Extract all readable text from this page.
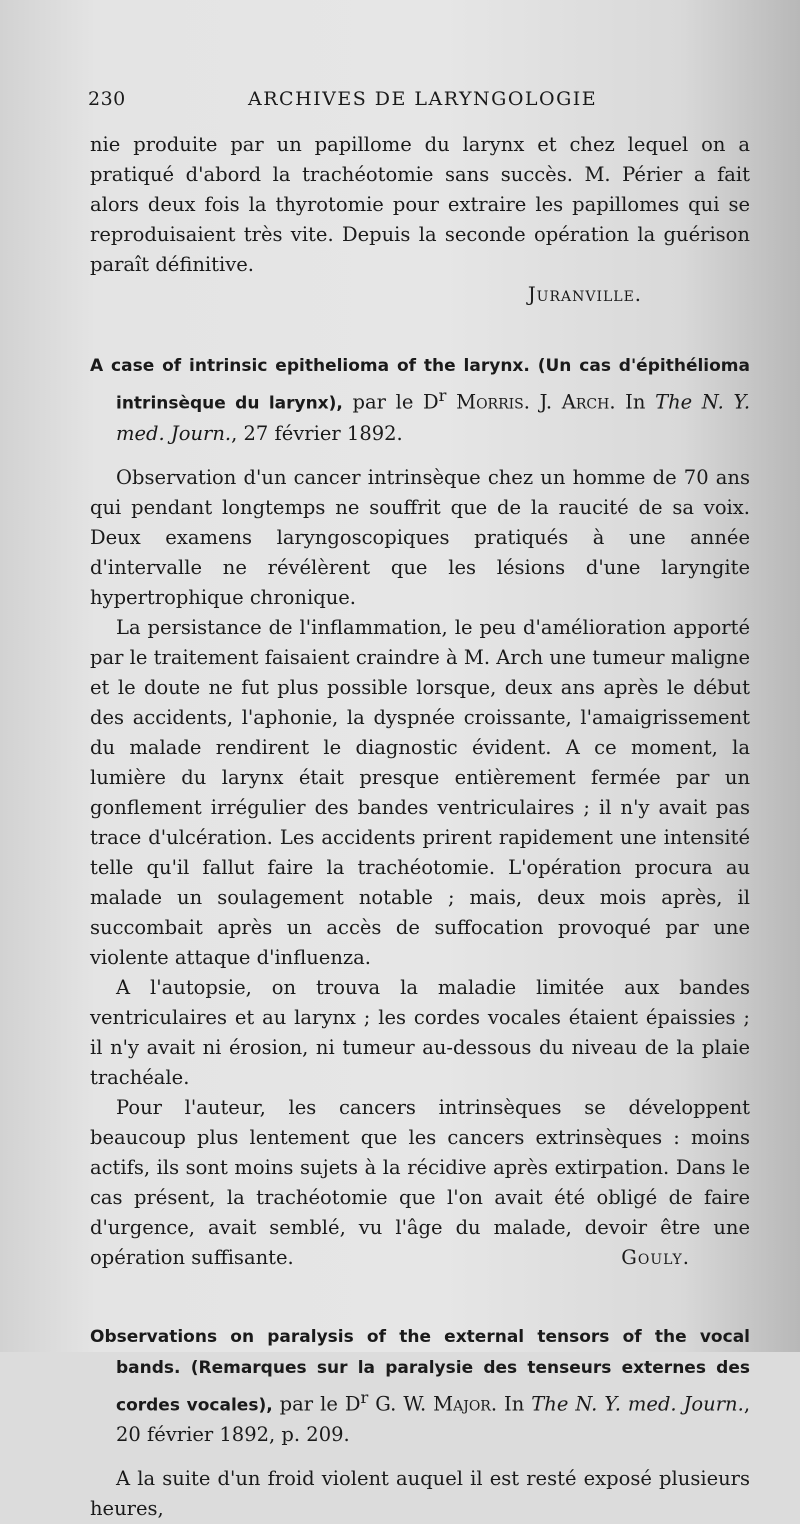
230	ARCHIVES DE LARYNGOLOGIE

nie produite par un papillome du larynx et chez lequel on a pratiqué d'abord la trachéotomie sans succès. M. Périer a fait alors deux fois la thyrotomie pour extraire les papillomes qui se reproduisaient très vite. Depuis la seconde opération la guérison paraît définitive.

Juranville.

A case of intrinsic epithelioma of the larynx. (Un cas d'épithélioma intrinsèque du larynx), par le $D^r$ Morris. J. Arch. In The N. Y. med. Journ., 27 février 1892.

Observation d'un cancer intrinsèque chez un homme de 70 ans qui pendant longtemps ne souffrit que de la raucité de sa voix. Deux examens laryngoscopiques pratiqués à une année d'intervalle ne révélèrent que les lésions d'une laryngite hypertrophique chronique.

La persistance de l'inflammation, le peu d'amélioration apporté par le traitement faisaient craindre à M. Arch une tumeur maligne et le doute ne fut plus possible lorsque, deux ans après le début des accidents, l'aphonie, la dyspnée croissante, l'amaigrissement du malade rendirent le diagnostic évident. A ce moment, la lumière du larynx était presque entièrement fermée par un gonflement irrégulier des bandes ventriculaires ; il n'y avait pas trace d'ulcération. Les accidents prirent rapidement une intensité telle qu'il fallut faire la trachéotomie. L'opération procura au malade un soulagement notable ; mais, deux mois après, il succombait après un accès de suffocation provoqué par une violente attaque d'influenza.

A l'autopsie, on trouva la maladie limitée aux bandes ventriculaires et au larynx ; les cordes vocales étaient épaissies ; il n'y avait ni érosion, ni tumeur au-dessous du niveau de la plaie trachéale.

Pour l'auteur, les cancers intrinsèques se développent beaucoup plus lentement que les cancers extrinsèques : moins actifs, ils sont moins sujets à la récidive après extirpation. Dans le cas présent, la trachéotomie que l'on avait été obligé de faire d'urgence, avait semblé, vu l'âge du malade, devoir être une opération suffisante.	Gouly.

Observations on paralysis of the external tensors of the vocal bands. (Remarques sur la paralysie des tenseurs externes des cordes vocales), par le $D^r$ G. W. Major. In The N. Y. med. Journ., 20 février 1892, p. 209.

A la suite d'un froid violent auquel il est resté exposé plusieurs heures,
